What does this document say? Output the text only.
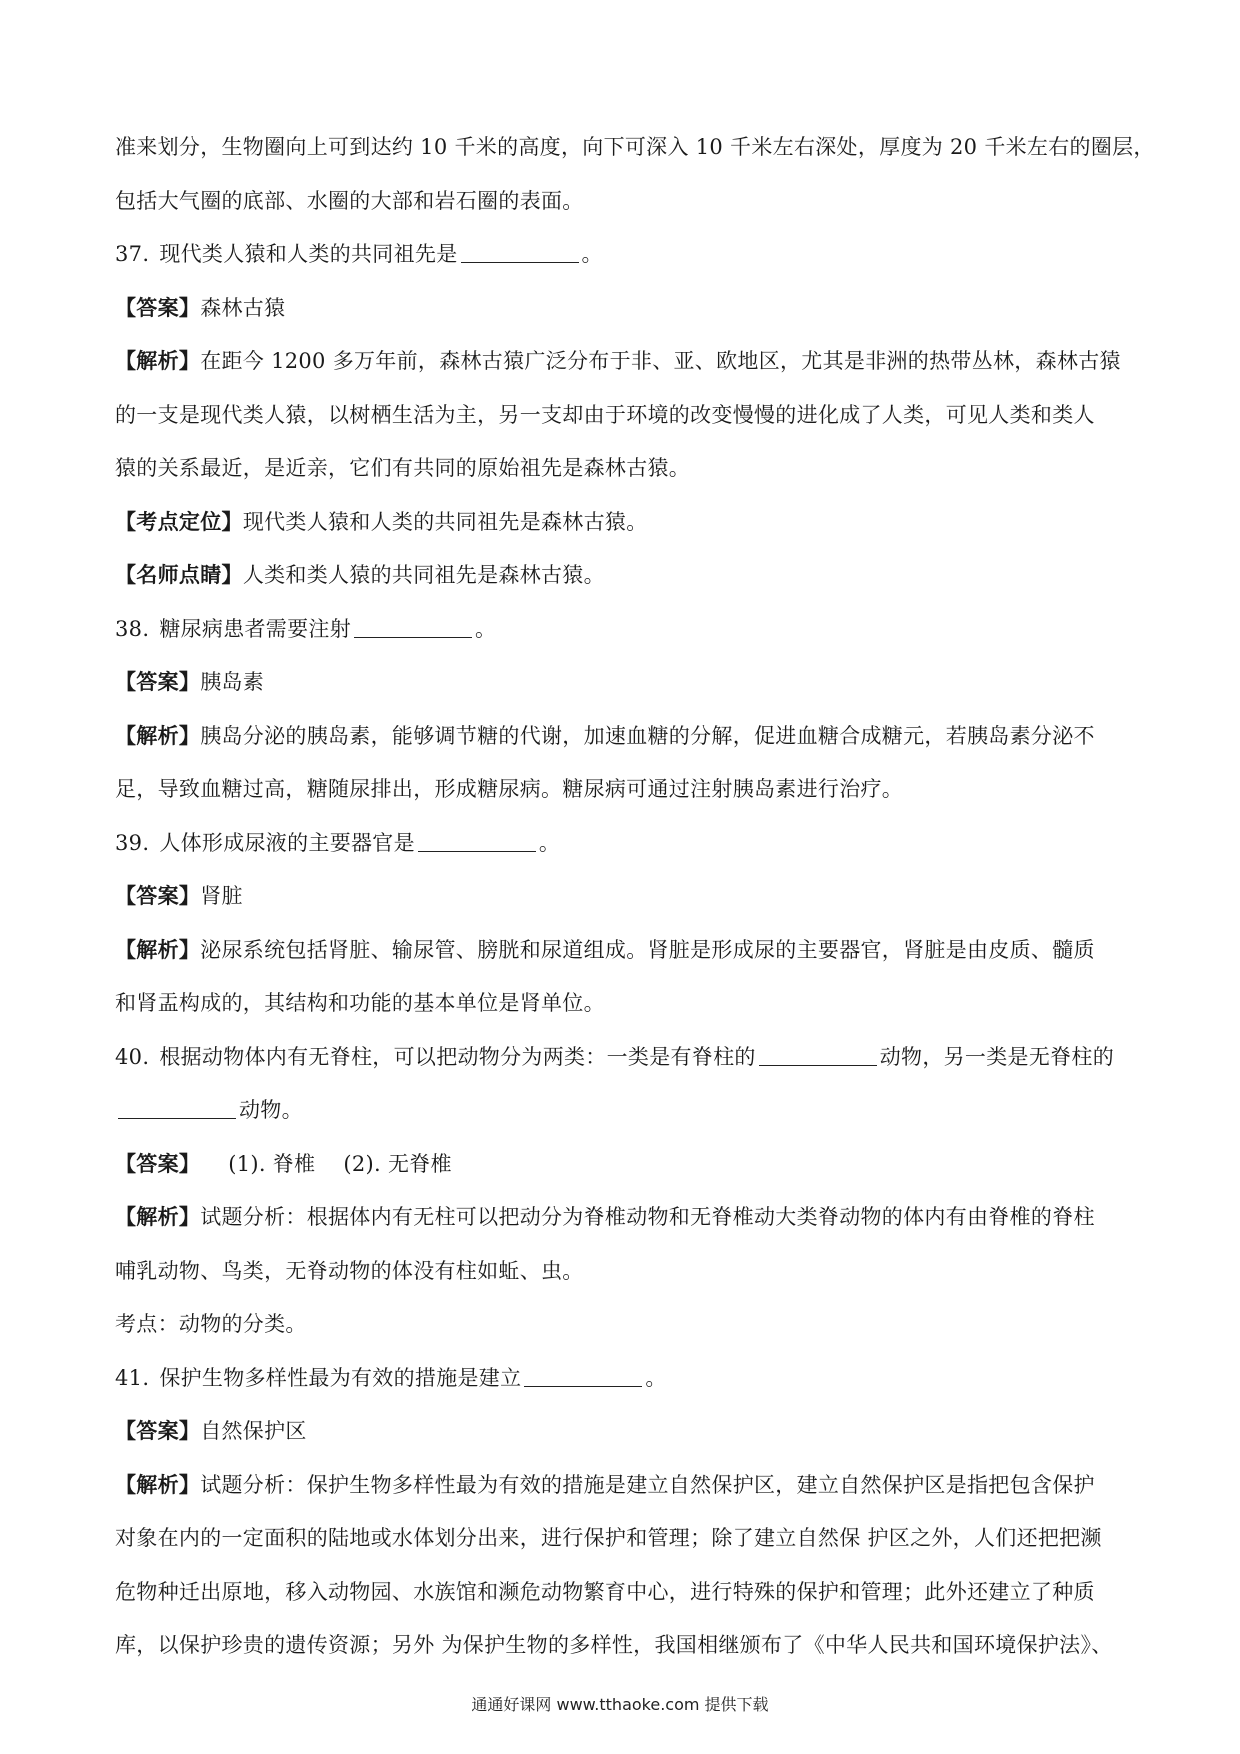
准来划分，生物圈向上可到达约 10 千米的高度，向下可深入 10 千米左右深处，厚度为 20 千米左右的圈层，
包括大气圈的底部、水圈的大部和岩石圈的表面。
37. 现代类人猿和人类的共同祖先是	。
【答案】森林古猿
【解析】在距今 1200 多万年前，森林古猿广泛分布于非、亚、欧地区，尤其是非洲的热带丛林，森林古猿
的一支是现代类人猿，以树栖生活为主，另一支却由于环境的改变慢慢的进化成了人类，可见人类和类人
猿的关系最近，是近亲，它们有共同的原始祖先是森林古猿。
【考点定位】现代类人猿和人类的共同祖先是森林古猿。
【名师点睛】人类和类人猿的共同祖先是森林古猿。
38. 糖尿病患者需要注射	。
【答案】胰岛素
【解析】胰岛分泌的胰岛素，能够调节糖的代谢，加速血糖的分解，促进血糖合成糖元，若胰岛素分泌不
足，导致血糖过高，糖随尿排出，形成糖尿病。糖尿病可通过注射胰岛素进行治疗。
39. 人体形成尿液的主要器官是	。
【答案】肾脏
【解析】泌尿系统包括肾脏、输尿管、膀胱和尿道组成。肾脏是形成尿的主要器官，肾脏是由皮质、髓质
和肾盂构成的，其结构和功能的基本单位是肾单位。
40. 根据动物体内有无脊柱，可以把动物分为两类：一类是有脊柱的	动物，另一类是无脊柱的
动物。
【答案】 (1). 脊椎 (2). 无脊椎
【解析】试题分析：根据体内有无柱可以把动分为脊椎动物和无脊椎动大类脊动物的体内有由脊椎的脊柱
哺乳动物、鸟类，无脊动物的体没有柱如蚯、虫。
考点：动物的分类。
41. 保护生物多样性最为有效的措施是建立	。
【答案】自然保护区
【解析】试题分析：保护生物多样性最为有效的措施是建立自然保护区，建立自然保护区是指把包含保护
对象在内的一定面积的陆地或水体划分出来，进行保护和管理；除了建立自然保 护区之外，人们还把把濒
危物种迁出原地，移入动物园、水族馆和濒危动物繁育中心，进行特殊的保护和管理；此外还建立了种质
库，以保护珍贵的遗传资源；另外 为保护生物的多样性，我国相继颁布了《中华人民共和国环境保护法》、
通通好课网 www.tthaoke.com 提供下载
